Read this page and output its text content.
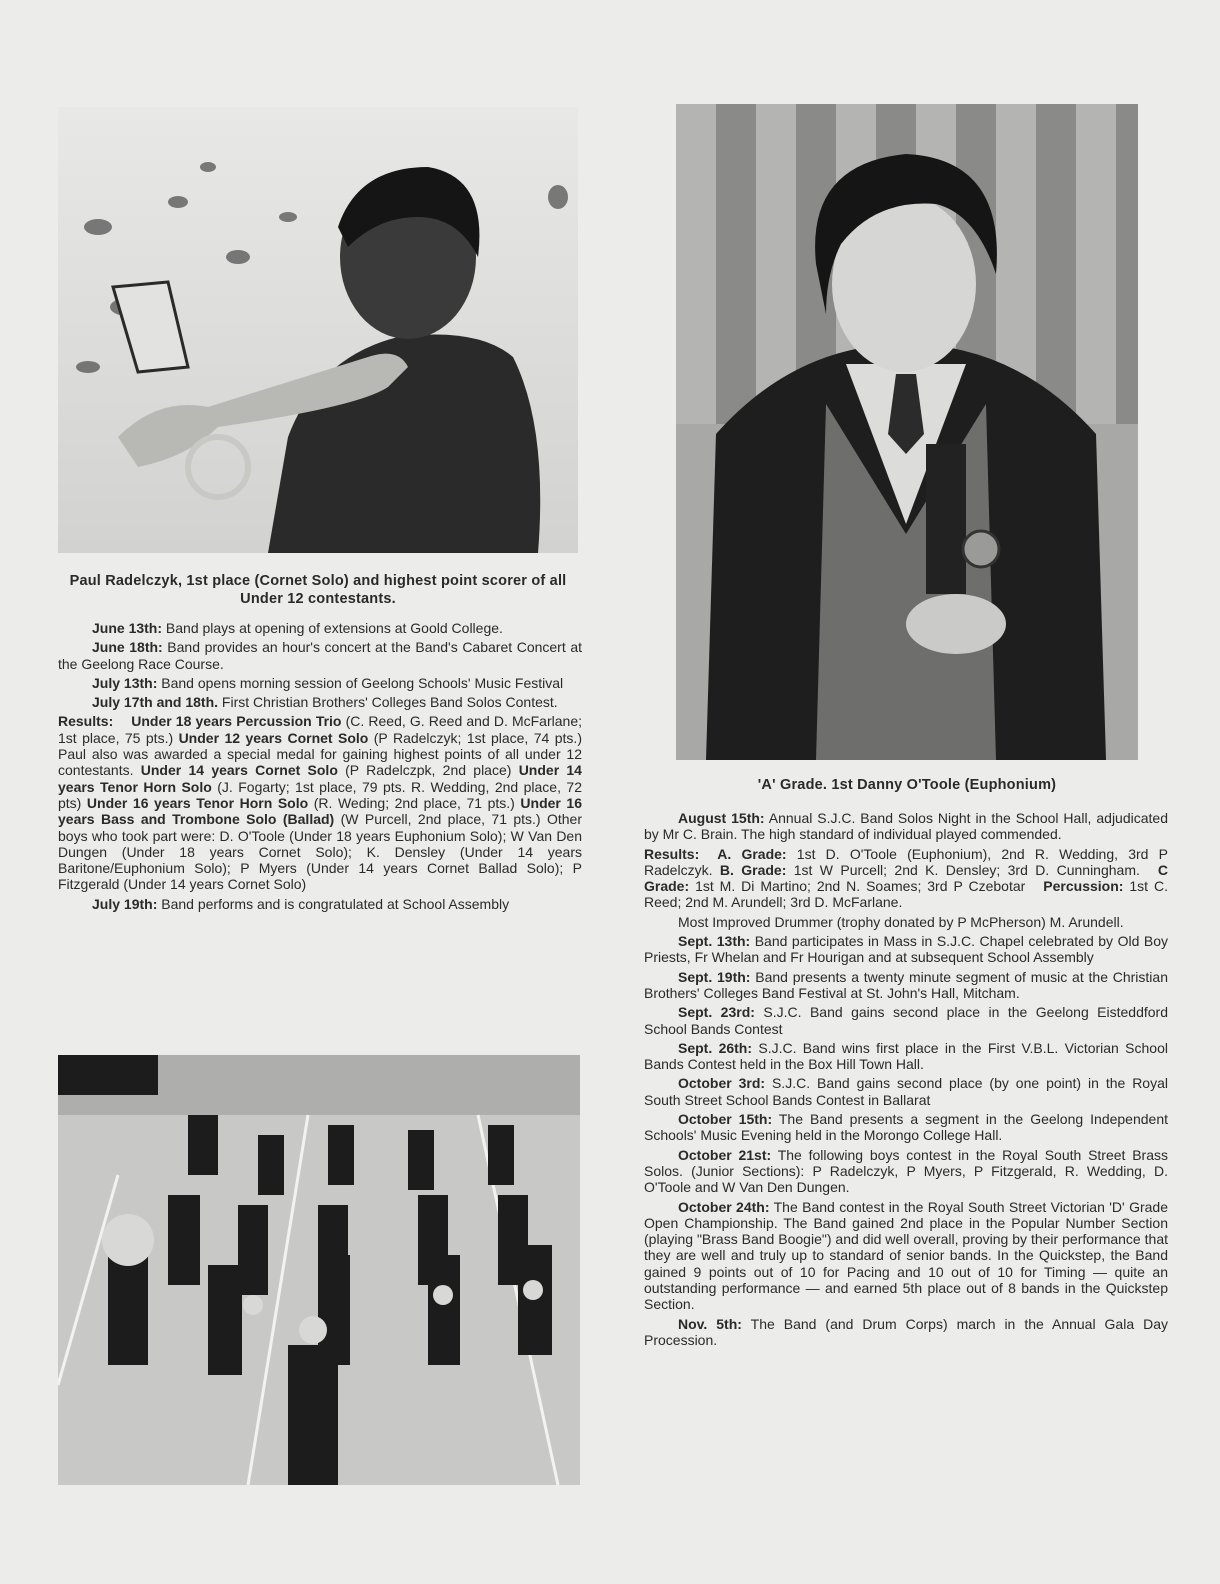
Paul Radelczyk, 1st place (Cornet Solo) and highest point scorer of all Under 12 contestants.
'A' Grade. 1st Danny O'Toole (Euphonium)

June 13th: Band plays at opening of extensions at Goold College.

June 18th: Band provides an hour's concert at the Band's Cabaret Concert at the Geelong Race Course.

July 13th: Band opens morning session of Geelong Schools' Music Festival

July 17th and 18th. First Christian Brothers' Colleges Band Solos Contest.

Results: Under 18 years Percussion Trio (C. Reed, G. Reed and D. McFarlane; 1st place, 75 pts.) Under 12 years Cornet Solo (P Radelczyk; 1st place, 74 pts.) Paul also was awarded a special medal for gaining highest points of all under 12 contestants. Under 14 years Cornet Solo (P Radelczpk, 2nd place) Under 14 years Tenor Horn Solo (J. Fogarty; 1st place, 79 pts. R. Wedding, 2nd place, 72 pts) Under 16 years Tenor Horn Solo (R. Weding; 2nd place, 71 pts.) Under 16 years Bass and Trombone Solo (Ballad) (W Purcell, 2nd place, 71 pts.) Other boys who took part were: D. O'Toole (Under 18 years Euphonium Solo); W Van Den Dungen (Under 18 years Cornet Solo); K. Densley (Under 14 years Baritone/Euphonium Solo); P Myers (Under 14 years Cornet Ballad Solo); P Fitzgerald (Under 14 years Cornet Solo)

July 19th: Band performs and is congratulated at School Assembly

August 15th: Annual S.J.C. Band Solos Night in the School Hall, adjudicated by Mr C. Brain. The high standard of individual played commended.

Results: A. Grade: 1st D. O'Toole (Euphonium), 2nd R. Wedding, 3rd P Radelczyk. B. Grade: 1st W Purcell; 2nd K. Densley; 3rd D. Cunningham. C Grade: 1st M. Di Martino; 2nd N. Soames; 3rd P Czebotar Percussion: 1st C. Reed; 2nd M. Arundell; 3rd D. McFarlane.

Most Improved Drummer (trophy donated by P McPherson) M. Arundell.

Sept. 13th: Band participates in Mass in S.J.C. Chapel celebrated by Old Boy Priests, Fr Whelan and Fr Hourigan and at subsequent School Assembly

Sept. 19th: Band presents a twenty minute segment of music at the Christian Brothers' Colleges Band Festival at St. John's Hall, Mitcham.

Sept. 23rd: S.J.C. Band gains second place in the Geelong Eisteddford School Bands Contest

Sept. 26th: S.J.C. Band wins first place in the First V.B.L. Victorian School Bands Contest held in the Box Hill Town Hall.

October 3rd: S.J.C. Band gains second place (by one point) in the Royal South Street School Bands Contest in Ballarat

October 15th: The Band presents a segment in the Geelong Independent Schools' Music Evening held in the Morongo College Hall.

October 21st: The following boys contest in the Royal South Street Brass Solos. (Junior Sections): P Radelczyk, P Myers, P Fitzgerald, R. Wedding, D. O'Toole and W Van Den Dungen.

October 24th: The Band contest in the Royal South Street Victorian 'D' Grade Open Championship. The Band gained 2nd place in the Popular Number Section (playing "Brass Band Boogie") and did well overall, proving by their performance that they are well and truly up to standard of senior bands. In the Quickstep, the Band gained 9 points out of 10 for Pacing and 10 out of 10 for Timing — quite an outstanding performance — and earned 5th place out of 8 bands in the Quickstep Section.

Nov. 5th: The Band (and Drum Corps) march in the Annual Gala Day Procession.
